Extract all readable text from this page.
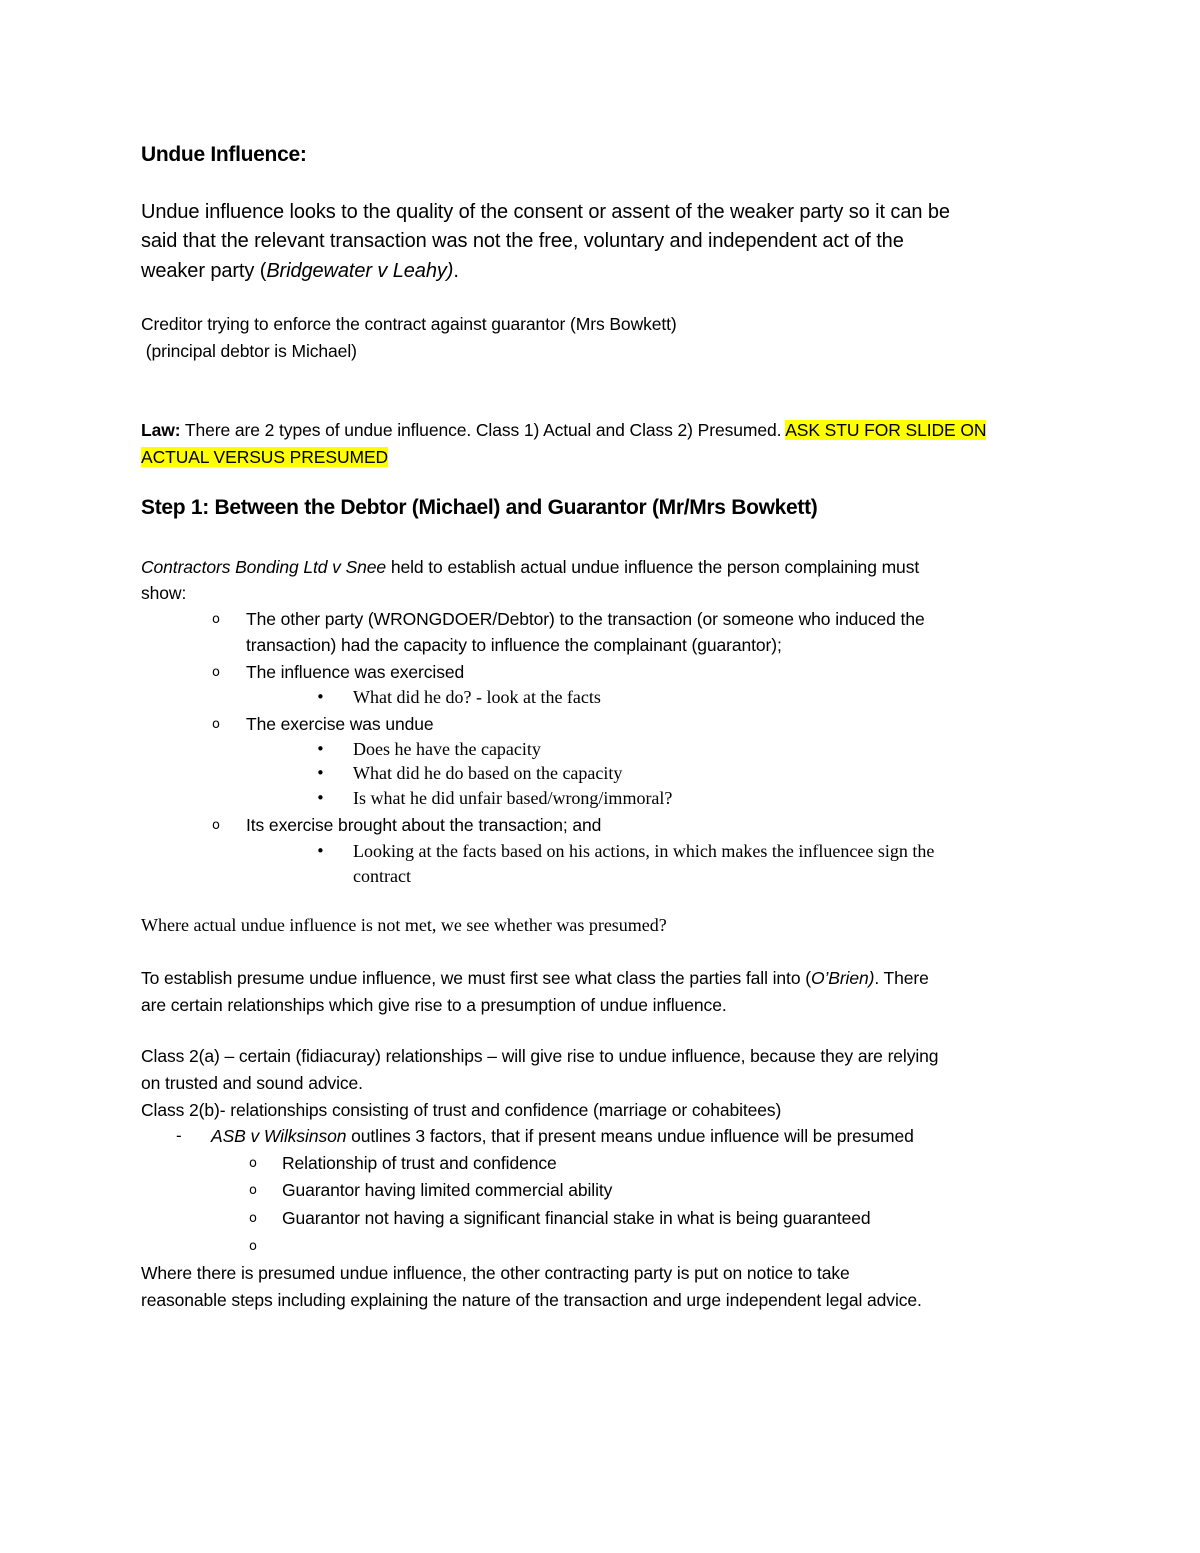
Undue Influence:
Undue influence looks to the quality of the consent or assent of the weaker party so it can be
said that the relevant transaction was not the free, voluntary and independent act of the
weaker party (Bridgewater v Leahy).
Creditor trying to enforce the contract against guarantor (Mrs Bowkett)
(principal debtor is Michael)
Law: There are 2 types of undue influence. Class 1) Actual and Class 2) Presumed. ASK STU FOR SLIDE ON
ACTUAL VERSUS PRESUMED
Step 1: Between the Debtor (Michael) and Guarantor (Mr/Mrs Bowkett)
Contractors Bonding Ltd v Snee held to establish actual undue influence the person complaining must
show:
o The other party (WRONGDOER/Debtor) to the transaction (or someone who induced the
transaction) had the capacity to influence the complainant (guarantor);
o The influence was exercised
• What did he do? - look at the facts
o The exercise was undue
• Does he have the capacity
• What did he do based on the capacity
• Is what he did unfair based/wrong/immoral?
o Its exercise brought about the transaction; and
• Looking at the facts based on his actions, in which makes the influencee sign the
contract
Where actual undue influence is not met, we see whether was presumed?
To establish presume undue influence, we must first see what class the parties fall into (O’Brien). There
are certain relationships which give rise to a presumption of undue influence.
Class 2(a) – certain (fidiacuray) relationships – will give rise to undue influence, because they are relying
on trusted and sound advice.
Class 2(b)- relationships consisting of trust and confidence (marriage or cohabitees)
- ASB v Wilksinson outlines 3 factors, that if present means undue influence will be presumed
o Relationship of trust and confidence
o Guarantor having limited commercial ability
o Guarantor not having a significant financial stake in what is being guaranteed
o
Where there is presumed undue influence, the other contracting party is put on notice to take
reasonable steps including explaining the nature of the transaction and urge independent legal advice.
